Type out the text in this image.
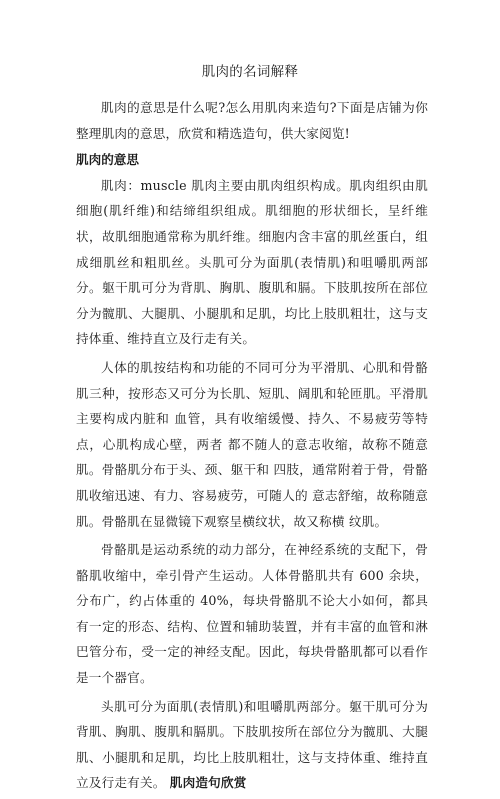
肌肉的名词解释

肌肉的意思是什么呢?怎么用肌肉来造句?下面是店铺为你整理肌肉的意思，欣赏和精选造句，供大家阅览!

肌肉的意思

肌肉：muscle 肌肉主要由肌肉组织构成。肌肉组织由肌细胞(肌纤维)和结缔组织组成。肌细胞的形状细长，呈纤维状，故肌细胞通常称为肌纤维。细胞内含丰富的肌丝蛋白，组成细肌丝和粗肌丝。头肌可分为面肌(表情肌)和咀嚼肌两部分。躯干肌可分为背肌、胸肌、腹肌和膈。下肢肌按所在部位分为髋肌、大腿肌、小腿肌和足肌，均比上肢肌粗壮，这与支持体重、维持直立及行走有关。

人体的肌按结构和功能的不同可分为平滑肌、心肌和骨骼肌三种，按形态又可分为长肌、短肌、阔肌和轮匝肌。平滑肌主要构成内脏和 血管，具有收缩缓慢、持久、不易疲劳等特点，心肌构成心壁，两者 都不随人的意志收缩，故称不随意肌。骨骼肌分布于头、颈、躯干和 四肢，通常附着于骨，骨骼肌收缩迅速、有力、容易疲劳，可随人的 意志舒缩，故称随意肌。骨骼肌在显微镜下观察呈横纹状，故又称横 纹肌。

骨骼肌是运动系统的动力部分，在神经系统的支配下，骨骼肌收缩中，牵引骨产生运动。人体骨骼肌共有 600 余块，分布广，约占体重的 40%，每块骨骼肌不论大小如何，都具有一定的形态、结构、位置和辅助装置，并有丰富的血管和淋巴管分布，受一定的神经支配。因此，每块骨骼肌都可以看作是一个器官。

头肌可分为面肌(表情肌)和咀嚼肌两部分。躯干肌可分为背肌、胸肌、腹肌和膈肌。下肢肌按所在部位分为髋肌、大腿肌、小腿肌和足肌，均比上肢肌粗壮，这与支持体重、维持直立及行走有关。 肌肉造句欣赏
